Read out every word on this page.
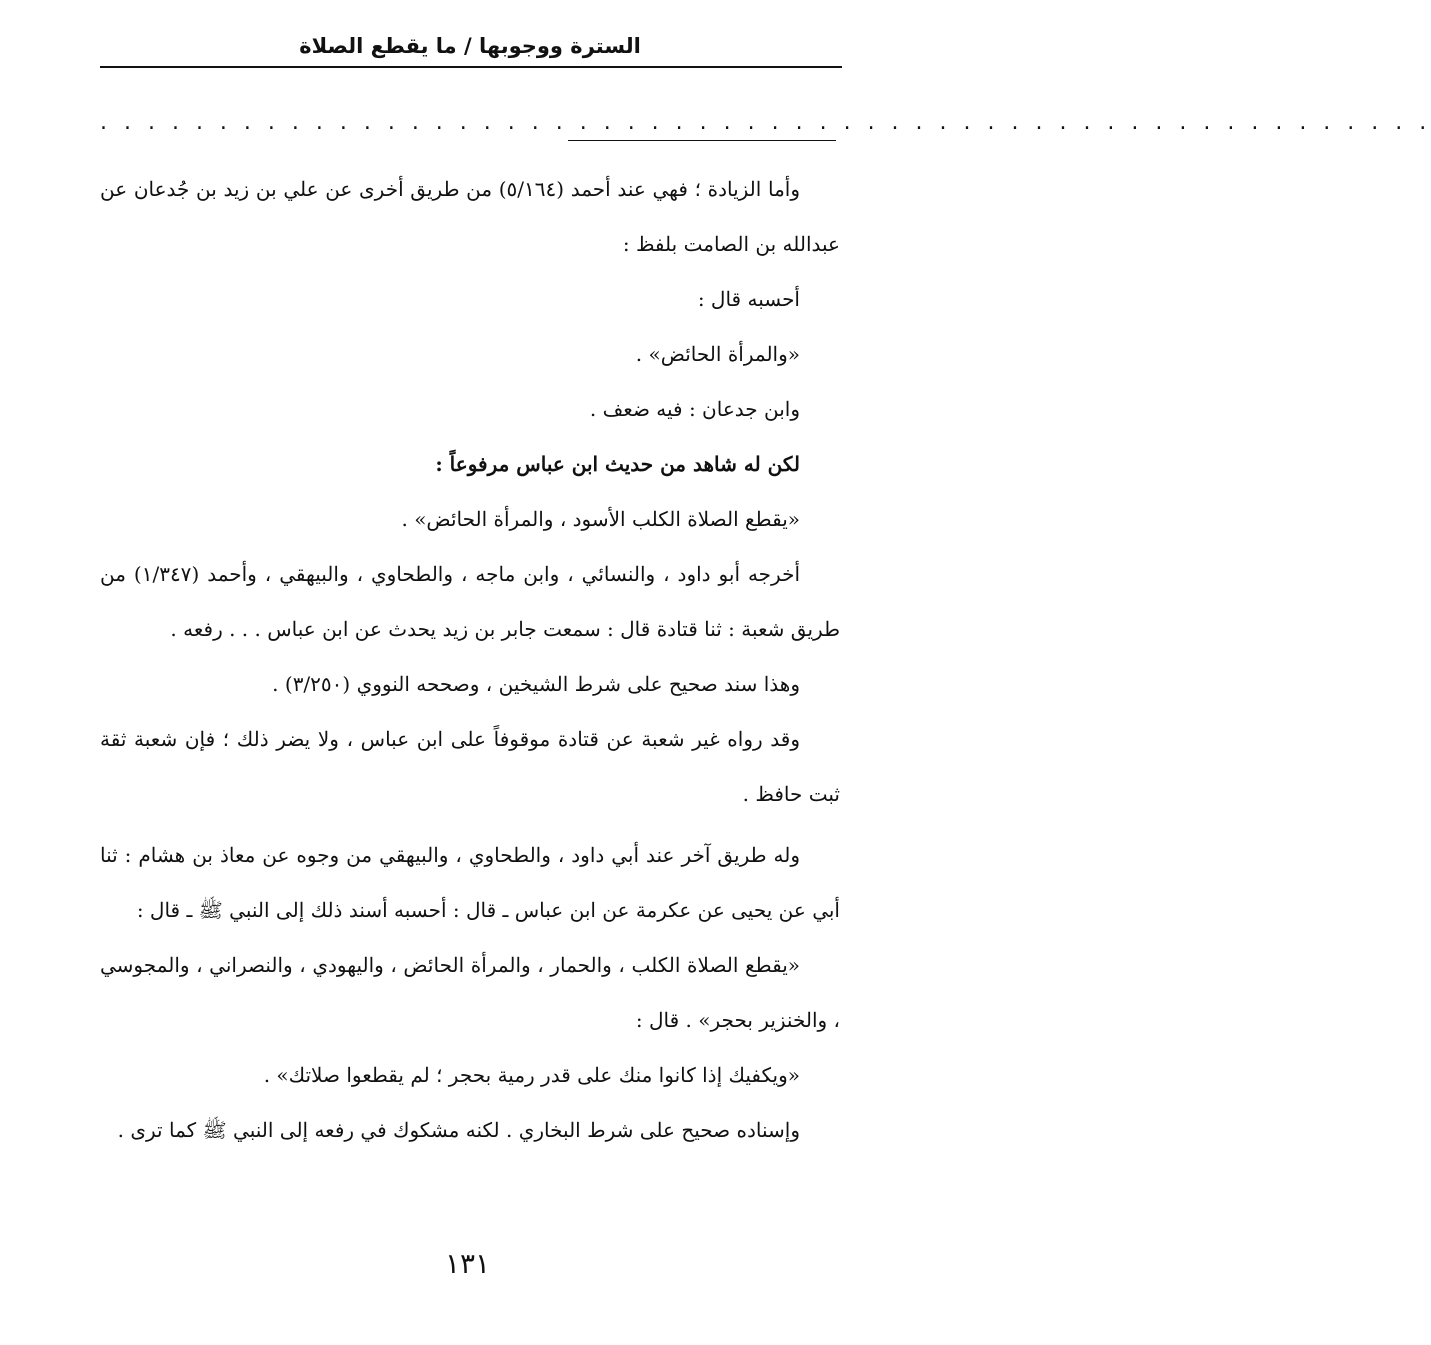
السترة ووجوبها / ما يقطع الصلاة
. . . . . . . . . . . . . . . . . . . . . . . . . . . . . . . . . . . . . . . . . . . . . . . . . . . . . . . .

وأما الزيادة ؛ فهي عند أحمد (٥/١٦٤) من طريق أخرى عن علي بن زيد بن جُدعان عن عبدالله بن الصامت بلفظ :

أحسبه قال :

«والمرأة الحائض» .

وابن جدعان : فيه ضعف .

لكن له شاهد من حديث ابن عباس مرفوعاً :

«يقطع الصلاة الكلب الأسود ، والمرأة الحائض» .

أخرجه أبو داود ، والنسائي ، وابن ماجه ، والطحاوي ، والبيهقي ، وأحمد (١/٣٤٧) من طريق شعبة : ثنا قتادة قال : سمعت جابر بن زيد يحدث عن ابن عباس . . . رفعه .

وهذا سند صحيح على شرط الشيخين ، وصححه النووي (٣/٢٥٠) .

وقد رواه غير شعبة عن قتادة موقوفاً على ابن عباس ، ولا يضر ذلك ؛ فإن شعبة ثقة ثبت حافظ .

وله طريق آخر عند أبي داود ، والطحاوي ، والبيهقي من وجوه عن معاذ بن هشام : ثنا أبي عن يحيى عن عكرمة عن ابن عباس ـ قال : أحسبه أسند ذلك إلى النبي ﷺ ـ قال :

«يقطع الصلاة الكلب ، والحمار ، والمرأة الحائض ، واليهودي ، والنصراني ، والمجوسي ، والخنزير بحجر» . قال :

«ويكفيك إذا كانوا منك على قدر رمية بحجر ؛ لم يقطعوا صلاتك» .

وإسناده صحيح على شرط البخاري . لكنه مشكوك في رفعه إلى النبي ﷺ كما ترى .

١٣١
